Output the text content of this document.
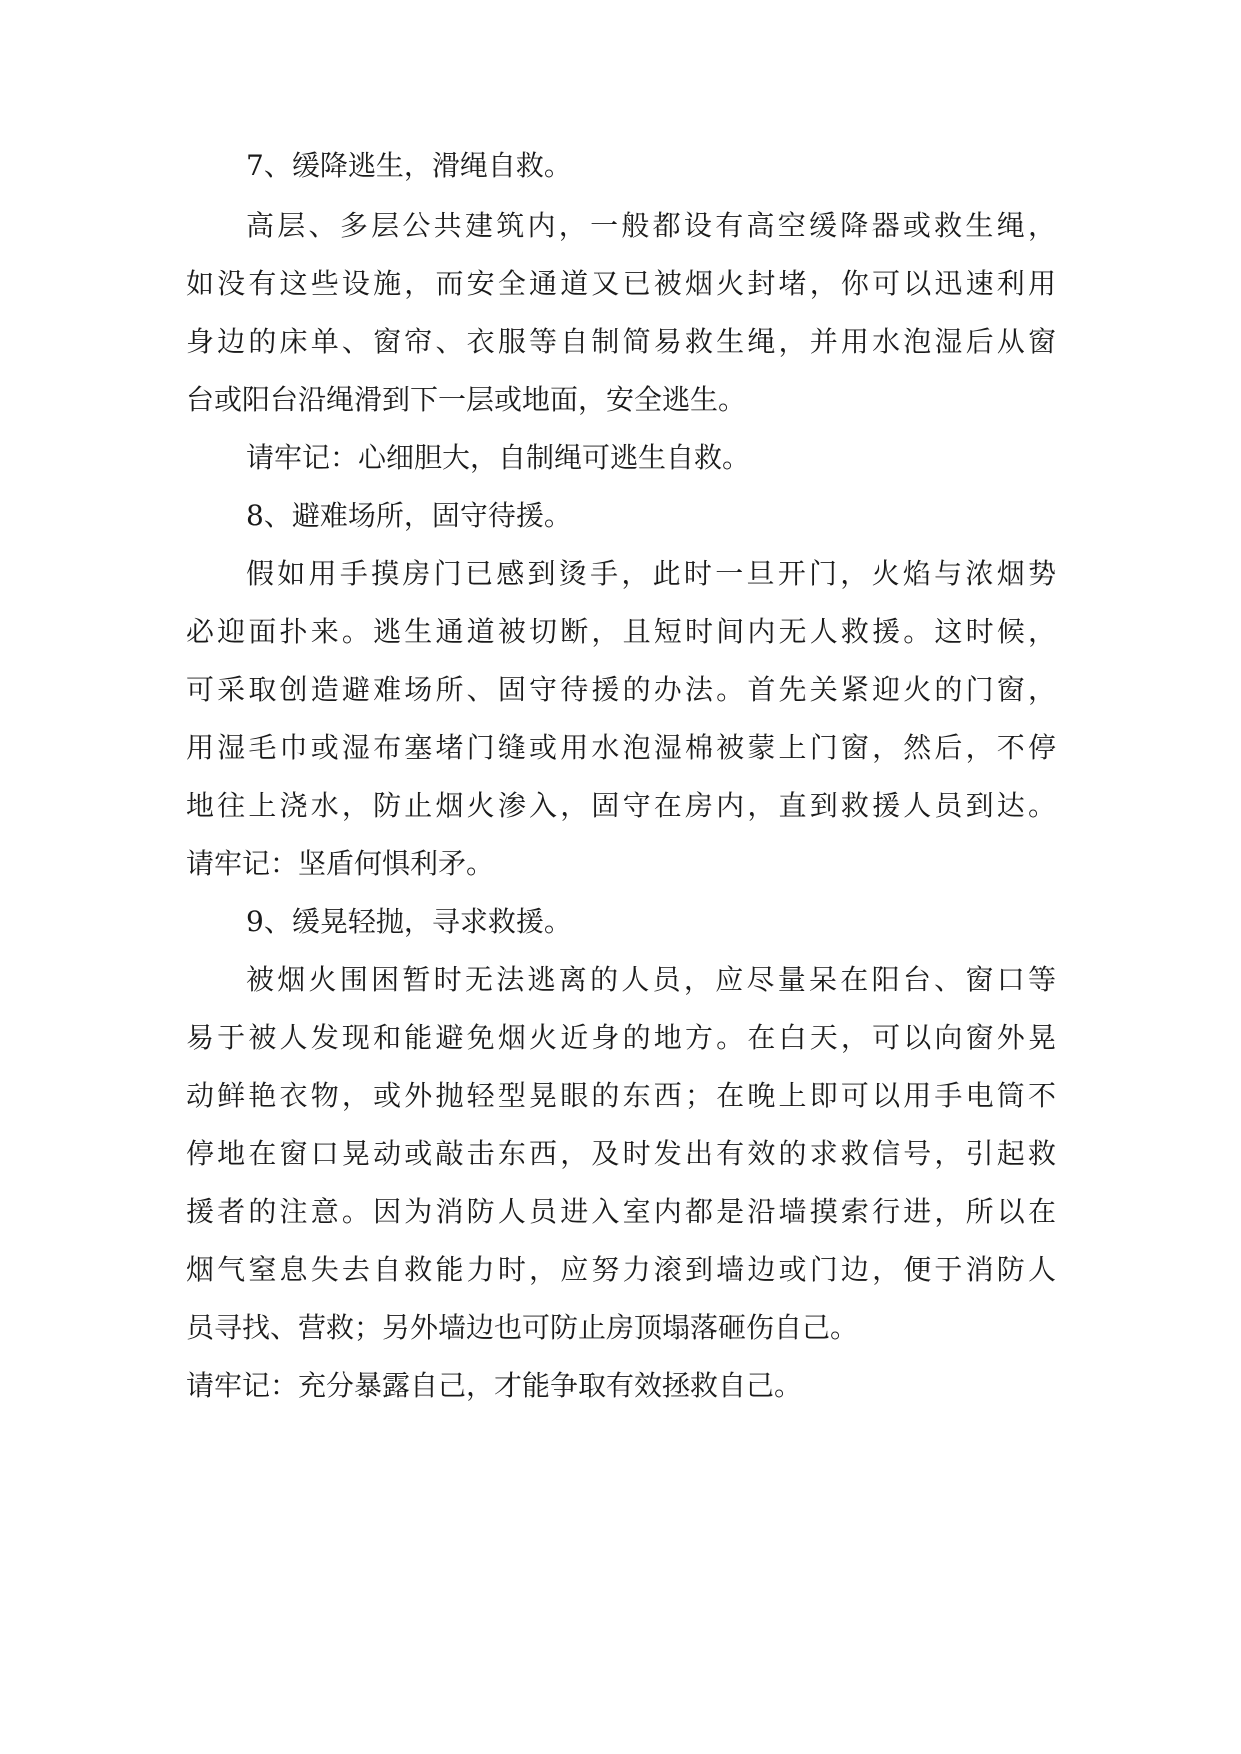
7、缓降逃生，滑绳自救。
高层、多层公共建筑内，一般都设有高空缓降器或救生绳，
如没有这些设施，而安全通道又已被烟火封堵，你可以迅速利用
身边的床单、窗帘、衣服等自制简易救生绳，并用水泡湿后从窗
台或阳台沿绳滑到下一层或地面，安全逃生。
请牢记：心细胆大，自制绳可逃生自救。
8、避难场所，固守待援。
假如用手摸房门已感到烫手，此时一旦开门，火焰与浓烟势
必迎面扑来。逃生通道被切断，且短时间内无人救援。这时候，
可采取创造避难场所、固守待援的办法。首先关紧迎火的门窗，
用湿毛巾或湿布塞堵门缝或用水泡湿棉被蒙上门窗，然后，不停
地往上浇水，防止烟火渗入，固守在房内，直到救援人员到达。
请牢记：坚盾何惧利矛。
9、缓晃轻抛，寻求救援。
被烟火围困暂时无法逃离的人员，应尽量呆在阳台、窗口等
易于被人发现和能避免烟火近身的地方。在白天，可以向窗外晃
动鲜艳衣物，或外抛轻型晃眼的东西；在晚上即可以用手电筒不
停地在窗口晃动或敲击东西，及时发出有效的求救信号，引起救
援者的注意。因为消防人员进入室内都是沿墙摸索行进，所以在
烟气窒息失去自救能力时，应努力滚到墙边或门边，便于消防人
员寻找、营救；另外墙边也可防止房顶塌落砸伤自己。
请牢记：充分暴露自己，才能争取有效拯救自己。
